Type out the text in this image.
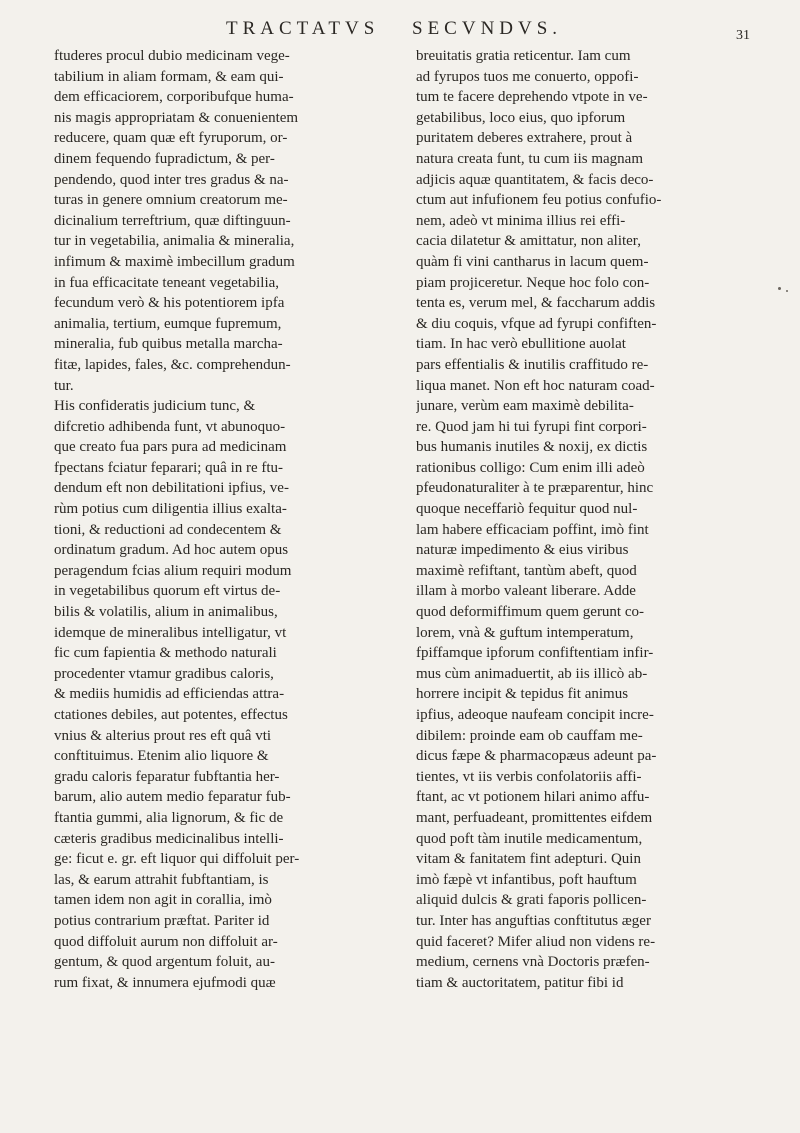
TRACTATVS SECVNDVS.	31
ftuderes procul dubio medicinam vege-
tabilium in aliam formam, & eam qui-
dem efficaciorem, corporibufque huma-
nis magis appropriatam & conuenientem
reducere, quam quæ eft fyruporum, or-
dinem fequendo fupradictum, & per-
pendendo, quod inter tres gradus & na-
turas in genere omnium creatorum me-
dicinalium terreftrium, quæ diftinguun-
tur in vegetabilia, animalia & mineralia,
infimum & maximè imbecillum gradum
in fua efficacitate teneant vegetabilia,
fecundum verò & his potentiorem ipfa
animalia, tertium, eumque fupremum,
mineralia, fub quibus metalla marcha-
fitæ, lapides, fales, &c. comprehendun-
tur.
His confideratis judicium tunc, &
difcretio adhibenda funt, vt abunoquo-
que creato fua pars pura ad medicinam
fpectans fciatur feparari; quâ in re ftu-
dendum eft non debilitationi ipfius, ve-
rùm potius cum diligentia illius exalta-
tioni, & reductioni ad condecentem &
ordinatum gradum. Ad hoc autem opus
peragendum fcias alium requiri modum
in vegetabilibus quorum eft virtus de-
bilis & volatilis, alium in animalibus,
idemque de mineralibus intelligatur, vt
fic cum fapientia & methodo naturali
procedenter vtamur gradibus caloris,
& mediis humidis ad efficiendas attra-
ctationes debiles, aut potentes, effectus
vnius & alterius prout res eft quâ vti
conftituimus. Etenim alio liquore &
gradu caloris feparatur fubftantia her-
barum, alio autem medio feparatur fub-
ftantia gummi, alia lignorum, & fic de
cæteris gradibus medicinalibus intelli-
ge: ficut e. gr. eft liquor qui diffoluit per-
las, & earum attrahit fubftantiam, is
tamen idem non agit in corallia, imò
potius contrarium præftat. Pariter id
quod diffoluit aurum non diffoluit ar-
gentum, & quod argentum foluit, au-
rum fixat, & innumera ejufmodi quæ
breuitatis gratia reticentur. Iam cum
ad fyrupos tuos me conuerto, oppofi-
tum te facere deprehendo vtpote in ve-
getabilibus, loco eius, quo ipforum
puritatem deberes extrahere, prout à
natura creata funt, tu cum iis magnam
adjicis aquæ quantitatem, & facis deco-
ctum aut infufionem feu potius confufio-
nem, adeò vt minima illius rei effi-
cacia dilatetur & amittatur, non aliter,
quàm fi vini cantharus in lacum quem-
piam projiceretur. Neque hoc folo con-
tenta es, verum mel, & faccharum addis
& diu coquis, vfque ad fyrupi confiften-
tiam. In hac verò ebullitione auolat
pars effentialis & inutilis craffitudo re-
liqua manet. Non eft hoc naturam coad-
junare, verùm eam maximè debilita-
re. Quod jam hi tui fyrupi fint corpori-
bus humanis inutiles & noxij, ex dictis
rationibus colligo: Cum enim illi adeò
pfeudonaturaliter à te præparentur, hinc
quoque neceffariò fequitur quod nul-
lam habere efficaciam poffint, imò fint
naturæ impedimento & eius viribus
maximè refiftant, tantùm abeft, quod
illam à morbo valeant liberare. Adde
quod deformiffimum quem gerunt co-
lorem, vnà & guftum intemperatum,
fpiffamque ipforum confiftentiam infir-
mus cùm animaduertit, ab iis illicò ab-
horrere incipit & tepidus fit animus
ipfius, adeoque naufeam concipit incre-
dibilem: proinde eam ob cauffam me-
dicus fæpe & pharmacopæus adeunt pa-
tientes, vt iis verbis confolatoriis affi-
ftant, ac vt potionem hilari animo affu-
mant, perfuadeant, promittentes eifdem
quod poft tàm inutile medicamentum,
vitam & fanitatem fint adepturi. Quin
imò fæpè vt infantibus, poft hauftum
aliquid dulcis & grati faporis pollicen-
tur. Inter has anguftias conftitutus æger
quid faceret? Mifer aliud non videns re-
medium, cernens vnà Doctoris præfen-
tiam & auctoritatem, patitur fibi id
